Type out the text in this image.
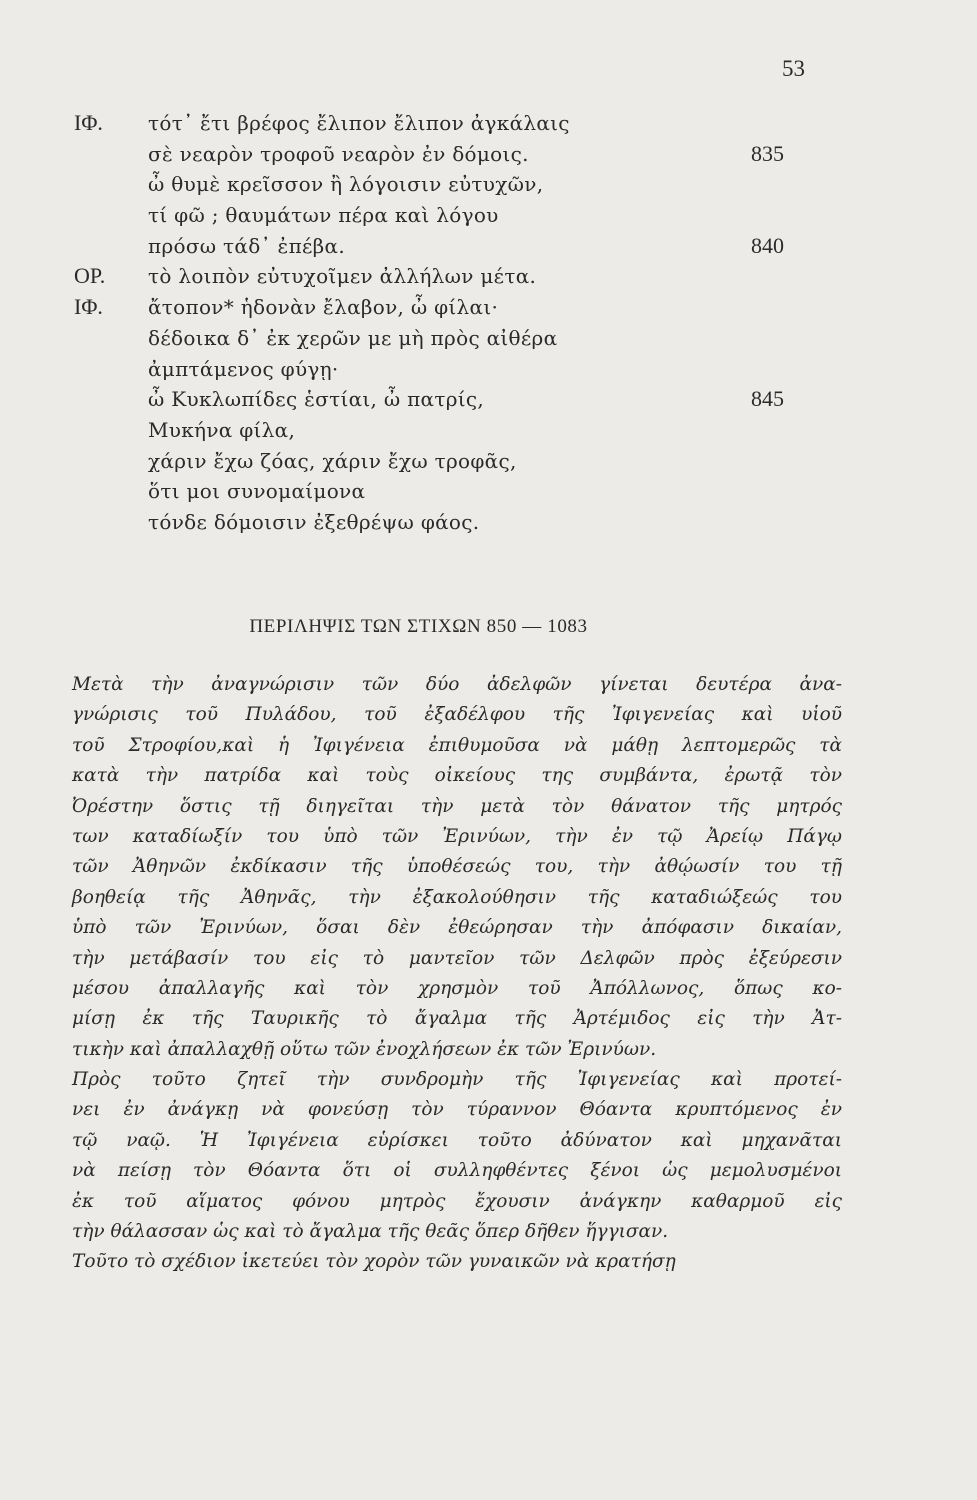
53
ΙΦ. τότ᾽ ἔτι βρέφος ἔλιπον ἔλιπον ἀγκάλαις
σὲ νεαρὸν τροφοῦ νεαρὸν ἐν δόμοις.	835
ὦ θυμὲ κρεῖσσον ἢ λόγοισιν εὐτυχῶν,
τί φῶ ; θαυμάτων πέρα καὶ λόγου
πρόσω τάδ᾽ ἐπέβα.	840
ΟΡ. τὸ λοιπὸν εὐτυχοῖμεν ἀλλήλων μέτα.
ΙΦ. ἄτοπον* ἡδονὰν ἔλαβον, ὦ φίλαι·
δέδοικα δ᾽ ἐκ χερῶν με μὴ πρὸς αἰθέρα
ἀμπτάμενος φύγῃ·
ὦ Κυκλωπίδες ἑστίαι, ὦ πατρίς,	845
Μυκήνα φίλα,
χάριν ἔχω ζόας, χάριν ἔχω τροφᾶς,
ὅτι μοι συνομαίμονα
τόνδε δόμοισιν ἐξεθρέψω φάος.
ΠΕΡΙΛΗΨΙΣ ΤΩΝ ΣΤΙΧΩΝ 850 — 1083
Μετὰ τὴν ἀναγνώρισιν τῶν δύο ἀδελφῶν γίνεται δευτέρα ἀνα-
γνώρισις τοῦ Πυλάδου, τοῦ ἐξαδέλφου τῆς Ἰφιγενείας καὶ υἱοῦ
τοῦ Στροφίου,καὶ ἡ Ἰφιγένεια ἐπιθυμοῦσα νὰ μάθῃ λεπτομερῶς τὰ
κατὰ τὴν πατρίδα καὶ τοὺς οἰκείους της συμβάντα, ἐρωτᾷ τὸν
Ὀρέστην ὅστις τῇ διηγεῖται τὴν μετὰ τὸν θάνατον τῆς μητρός
των καταδίωξίν του ὑπὸ τῶν Ἐρινύων, τὴν ἐν τῷ Ἀρείῳ Πάγῳ
τῶν Ἀθηνῶν ἐκδίκασιν τῆς ὑποθέσεώς του, τὴν ἀθῴωσίν του τῇ
βοηθείᾳ τῆς Ἀθηνᾶς, τὴν ἐξακολούθησιν τῆς καταδιώξεώς του
ὑπὸ τῶν Ἐρινύων, ὅσαι δὲν ἐθεώρησαν τὴν ἀπόφασιν δικαίαν,
τὴν μετάβασίν του εἰς τὸ μαντεῖον τῶν Δελφῶν πρὸς ἐξεύρεσιν
μέσου ἀπαλλαγῆς καὶ τὸν χρησμὸν τοῦ Ἀπόλλωνος, ὅπως κο-
μίσῃ ἐκ τῆς Ταυρικῆς τὸ ἄγαλμα τῆς Ἀρτέμιδος εἰς τὴν Ἀτ-
τικὴν καὶ ἀπαλλαχθῇ οὕτω τῶν ἐνοχλήσεων ἐκ τῶν Ἐρινύων.
Πρὸς τοῦτο ζητεῖ τὴν συνδρομὴν τῆς Ἰφιγενείας καὶ προτεί-
νει ἐν ἀνάγκῃ νὰ φονεύσῃ τὸν τύραννον Θόαντα κρυπτόμενος ἐν
τῷ ναῷ. Ἡ Ἰφιγένεια εὑρίσκει τοῦτο ἀδύνατον καὶ μηχανᾶται
νὰ πείσῃ τὸν Θόαντα ὅτι οἱ συλληφθέντες ξένοι ὡς μεμολυσμένοι
ἐκ τοῦ αἵματος φόνου μητρὸς ἔχουσιν ἀνάγκην καθαρμοῦ εἰς
τὴν θάλασσαν ὡς καὶ τὸ ἄγαλμα τῆς θεᾶς ὅπερ δῆθεν ἥγγισαν.
Τοῦτο τὸ σχέδιον ἱκετεύει τὸν χορὸν τῶν γυναικῶν νὰ κρατήσῃ
